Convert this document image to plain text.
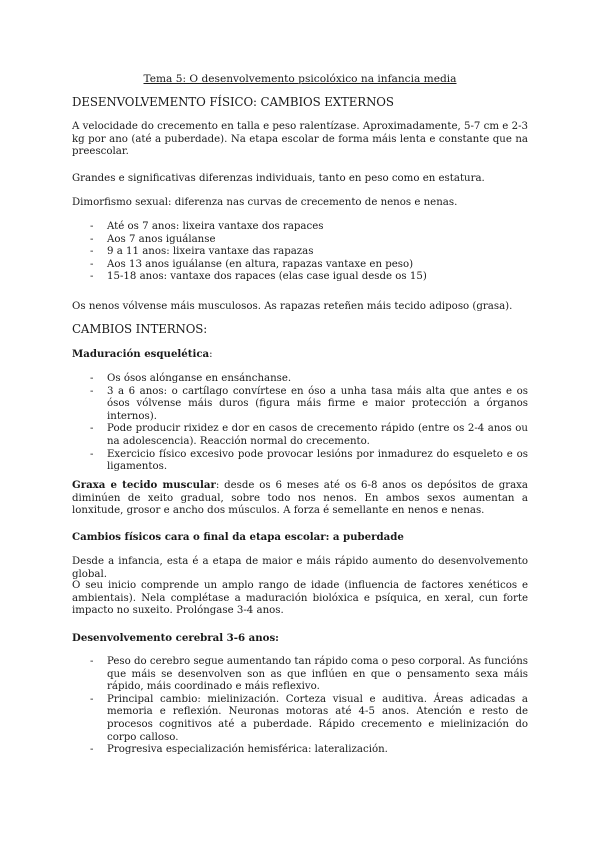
Tema 5: O desenvolvemento psicolóxico na infancia media
DESENVOLVEMENTO FÍSICO: CAMBIOS EXTERNOS
A velocidade do crecemento en talla e peso ralentízase. Aproximadamente, 5-7 cm e 2-3 kg por ano (até a puberdade). Na etapa escolar de forma máis lenta e constante que na preescolar.
Grandes e significativas diferenzas individuais, tanto en peso como en estatura.
Dimorfismo sexual: diferenza nas curvas de crecemento de nenos e nenas.
- Até os 7 anos: lixeira vantaxe dos rapaces
- Aos 7 anos iguálanse
- 9 a 11 anos: lixeira vantaxe das rapazas
- Aos 13 anos iguálanse (en altura, rapazas vantaxe en peso)
- 15-18 anos: vantaxe dos rapaces (elas case igual desde os 15)
Os nenos vólvense máis musculosos. As rapazas reteñen máis tecido adiposo (grasa).
CAMBIOS INTERNOS:
Maduración esquelética:
- Os ósos alónganse en ensánchanse.
- 3 a 6 anos: o cartílago convírtese en óso a unha tasa máis alta que antes e os ósos vólvense máis duros (figura máis firme e maior protección a órganos internos).
- Pode producir rixidez e dor en casos de crecemento rápido (entre os 2-4 anos ou na adolescencia). Reacción normal do crecemento.
- Exercicio físico excesivo pode provocar lesións por inmadurez do esqueleto e os ligamentos.
Graxa e tecido muscular: desde os 6 meses até os 6-8 anos os depósitos de graxa diminúen de xeito gradual, sobre todo nos nenos. En ambos sexos aumentan a lonxitude, grosor e ancho dos músculos. A forza é semellante en nenos e nenas.
Cambios físicos cara o final da etapa escolar: a puberdade
Desde a infancia, esta é a etapa de maior e máis rápido aumento do desenvolvemento global.
O seu inicio comprende un amplo rango de idade (influencia de factores xenéticos e ambientais). Nela complétase a maduración biolóxica e psíquica, en xeral, cun forte impacto no suxeito. Prolóngase 3-4 anos.
Desenvolvemento cerebral 3-6 anos:
- Peso do cerebro segue aumentando tan rápido coma o peso corporal. As funcións que máis se desenvolven son as que inflúen en que o pensamento sexa máis rápido, máis coordinado e máis reflexivo.
- Principal cambio: mielinización. Corteza visual e auditiva. Áreas adicadas a memoria e reflexión. Neuronas motoras até 4-5 anos. Atención e resto de procesos cognitivos até a puberdade. Rápido crecemento e mielinización do corpo calloso.
- Progresiva especialización hemisférica: lateralización.
